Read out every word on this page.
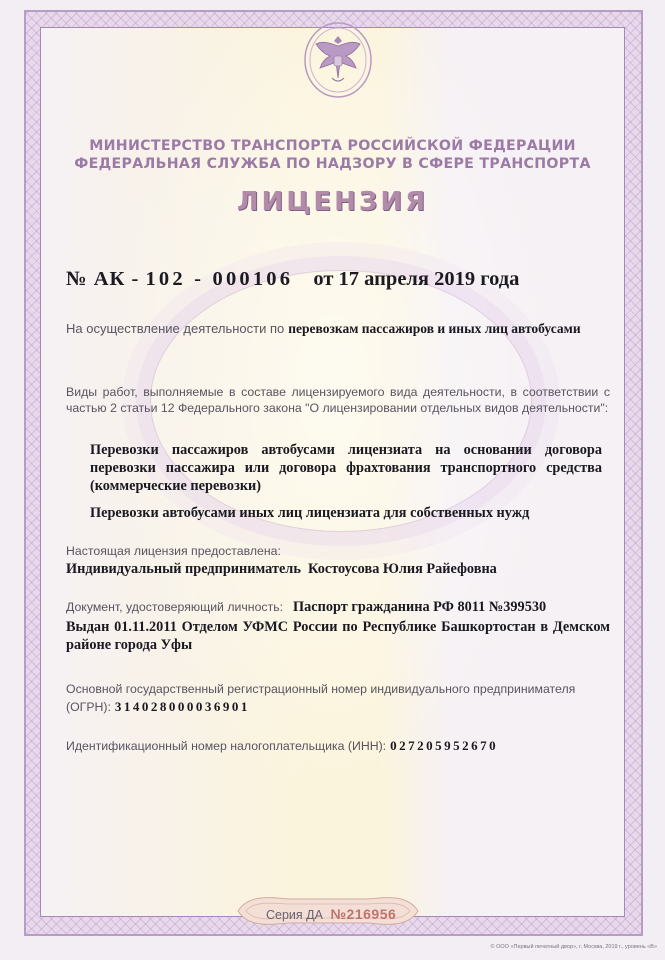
МИНИСТЕРСТВО ТРАНСПОРТА РОССИЙСКОЙ ФЕДЕРАЦИИ
ФЕДЕРАЛЬНАЯ СЛУЖБА ПО НАДЗОРУ В СФЕРЕ ТРАНСПОРТА
ЛИЦЕНЗИЯ
№ АК - 102 - 000106 от 17 апреля 2019 года
На осуществление деятельности по перевозкам пассажиров и иных лиц автобусами
Виды работ, выполняемые в составе лицензируемого вида деятельности, в соответствии с частью 2 статьи 12 Федерального закона "О лицензировании отдельных видов деятельности":
Перевозки пассажиров автобусами лицензиата на основании договора перевозки пассажира или договора фрахтования транспортного средства (коммерческие перевозки)
Перевозки автобусами иных лиц лицензиата для собственных нужд
Настоящая лицензия предоставлена:
Индивидуальный предприниматель  Костоусова Юлия Райефовна
Документ, удостоверяющий личность: Паспорт гражданина РФ 8011 №399530
Выдан 01.11.2011 Отделом УФМС России по Республике Башкортостан в Демском районе города Уфы
Основной государственный регистрационный номер индивидуального предпринимателя (ОГРН): 314028000036901
Идентификационный номер налогоплательщика (ИНН): 027205952670
Серия ДА №216956
© ООО «Первый печатный двор», г. Москва, 2019 г., уровень «В»
